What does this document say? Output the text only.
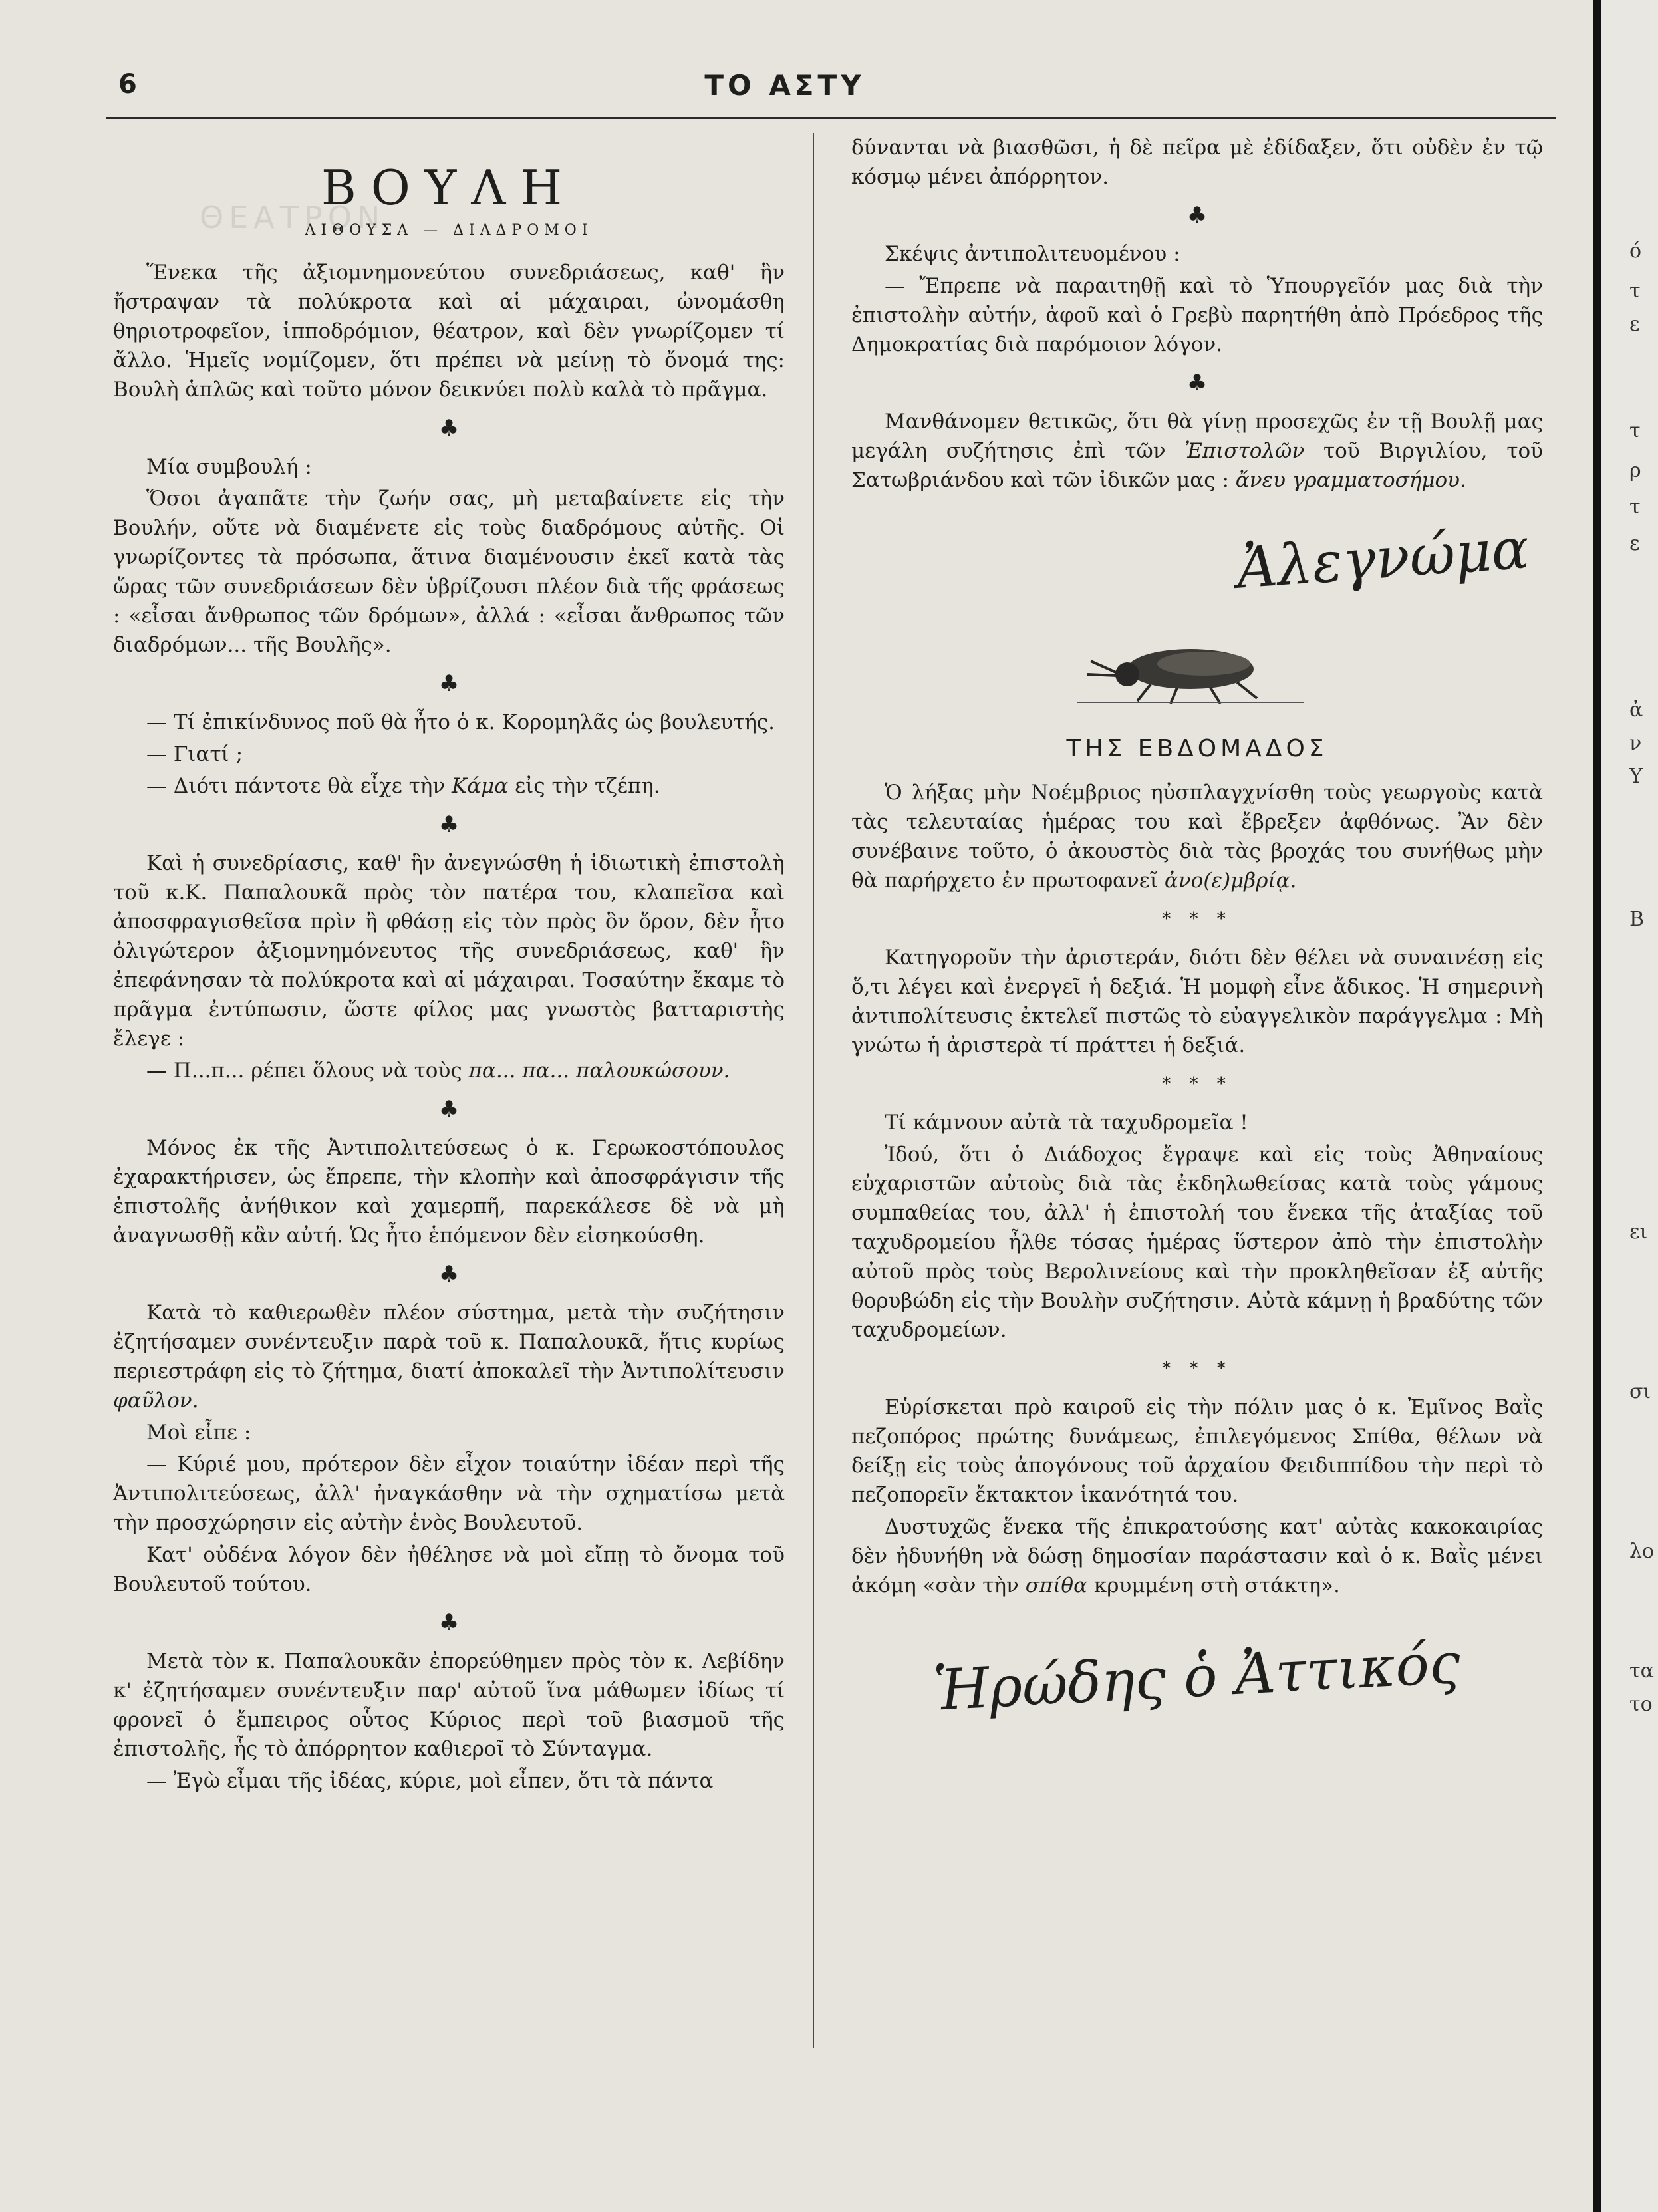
ΘΕΑΤΡΟΝ
6	ΤΟ ΑΣΤΥ
ΒΟΥΛΗ
ΑΙΘΟΥΣΑ — ΔΙΑΔΡΟΜΟΙ

Ἕνεκα τῆς ἀξιομνημονεύτου συνεδριάσεως, καθ' ἣν ἤστραψαν τὰ πολύκροτα καὶ αἱ μάχαιραι, ὠνομάσθη θηριοτροφεῖον, ἱπποδρόμιον, θέατρον, καὶ δὲν γνωρίζομεν τί ἄλλο. Ἡμεῖς νομίζομεν, ὅτι πρέπει νὰ μείνῃ τὸ ὄνομά της: Βουλὴ ἁπλῶς καὶ τοῦτο μόνον δεικνύει πολὺ καλὰ τὸ πρᾶγμα.

♣

Μία συμβουλή :

Ὅσοι ἀγαπᾶτε τὴν ζωήν σας, μὴ μεταβαίνετε εἰς τὴν Βουλήν, οὔτε νὰ διαμένετε εἰς τοὺς διαδρόμους αὐτῆς. Οἱ γνωρίζοντες τὰ πρόσωπα, ἅτινα διαμένουσιν ἐκεῖ κατὰ τὰς ὥρας τῶν συνεδριάσεων δὲν ὑβρίζουσι πλέον διὰ τῆς φράσεως : «εἶσαι ἄνθρωπος τῶν δρόμων», ἀλλά : «εἶσαι ἄνθρωπος τῶν διαδρόμων... τῆς Βουλῆς».

♣

— Τί ἐπικίνδυνος ποῦ θὰ ἦτο ὁ κ. Κορομηλᾶς ὡς βουλευτής.

— Γιατί ;

— Διότι πάντοτε θὰ εἶχε τὴν Κάμα εἰς τὴν τζέπη.

♣

Καὶ ἡ συνεδρίασις, καθ' ἣν ἀνεγνώσθη ἡ ἰδιωτικὴ ἐπιστολὴ τοῦ κ.Κ. Παπαλουκᾶ πρὸς τὸν πατέρα του, κλαπεῖσα καὶ ἀποσφραγισθεῖσα πρὶν ἢ φθάσῃ εἰς τὸν πρὸς ὃν ὅρον, δὲν ἦτο ὀλιγώτερον ἀξιομνημόνευτος τῆς συνεδριάσεως, καθ' ἣν ἐπεφάνησαν τὰ πολύκροτα καὶ αἱ μάχαιραι. Τοσαύτην ἔκαμε τὸ πρᾶγμα ἐντύπωσιν, ὥστε φίλος μας γνωστὸς βατταριστὴς ἔλεγε :

— Π...π... ρέπει ὅλους νὰ τοὺς πα... πα... παλουκώσουν.

♣

Μόνος ἐκ τῆς Ἀντιπολιτεύσεως ὁ κ. Γερωκοστόπουλος ἐχαρακτήρισεν, ὡς ἔπρεπε, τὴν κλοπὴν καὶ ἀποσφράγισιν τῆς ἐπιστολῆς ἀνήθικον καὶ χαμερπῆ, παρεκάλεσε δὲ νὰ μὴ ἀναγνωσθῇ κἂν αὐτή. Ὡς ἦτο ἑπόμενον δὲν εἰσηκούσθη.

♣

Κατὰ τὸ καθιερωθὲν πλέον σύστημα, μετὰ τὴν συζήτησιν ἐζητήσαμεν συνέντευξιν παρὰ τοῦ κ. Παπαλουκᾶ, ἥτις κυρίως περιεστράφη εἰς τὸ ζήτημα, διατί ἀποκαλεῖ τὴν Ἀντιπολίτευσιν φαῦλον.

Μοὶ εἶπε :

— Κύριέ μου, πρότερον δὲν εἶχον τοιαύτην ἰδέαν περὶ τῆς Ἀντιπολιτεύσεως, ἀλλ' ἠναγκάσθην νὰ τὴν σχηματίσω μετὰ τὴν προσχώρησιν εἰς αὐτὴν ἑνὸς Βουλευτοῦ.

Κατ' οὐδένα λόγον δὲν ἠθέλησε νὰ μοὶ εἴπῃ τὸ ὄνομα τοῦ Βουλευτοῦ τούτου.

♣

Μετὰ τὸν κ. Παπαλουκᾶν ἐπορεύθημεν πρὸς τὸν κ. Λεβίδην κ' ἐζητήσαμεν συνέντευξιν παρ' αὐτοῦ ἵνα μάθωμεν ἰδίως τί φρονεῖ ὁ ἔμπειρος οὗτος Κύριος περὶ τοῦ βιασμοῦ τῆς ἐπιστολῆς, ἧς τὸ ἀπόρρητον καθιεροῖ τὸ Σύνταγμα.

— Ἐγὼ εἶμαι τῆς ἰδέας, κύριε, μοὶ εἶπεν, ὅτι τὰ πάντα

δύνανται νὰ βιασθῶσι, ἡ δὲ πεῖρα μὲ ἐδίδαξεν, ὅτι οὐδὲν ἐν τῷ κόσμῳ μένει ἀπόρρητον.

♣

Σκέψις ἀντιπολιτευομένου :

— Ἔπρεπε νὰ παραιτηθῇ καὶ τὸ Ὑπουργεῖόν μας διὰ τὴν ἐπιστολὴν αὐτήν, ἀφοῦ καὶ ὁ Γρεβὺ παρητήθη ἀπὸ Πρόεδρος τῆς Δημοκρατίας διὰ παρόμοιον λόγον.

♣

Μανθάνομεν θετικῶς, ὅτι θὰ γίνῃ προσεχῶς ἐν τῇ Βουλῇ μας μεγάλη συζήτησις ἐπὶ τῶν Ἐπιστολῶν τοῦ Βιργιλίου, τοῦ Σατωβριάνδου καὶ τῶν ἰδικῶν μας : ἄνευ γραμματοσήμου.

Ἀλεγνώμα
ΤΗΣ ΕΒΔΟΜΑΔΟΣ

Ὁ λήξας μὴν Νοέμβριος ηὐσπλαγχνίσθη τοὺς γεωργοὺς κατὰ τὰς τελευταίας ἡμέρας του καὶ ἔβρεξεν ἀφθόνως. Ἂν δὲν συνέβαινε τοῦτο, ὁ ἀκουστὸς διὰ τὰς βροχάς του συνήθως μὴν θὰ παρήρχετο ἐν πρωτοφανεῖ ἀνο(ε)μβρίᾳ.

* * *

Κατηγοροῦν τὴν ἀριστεράν, διότι δὲν θέλει νὰ συναινέσῃ εἰς ὅ,τι λέγει καὶ ἐνεργεῖ ἡ δεξιά. Ἡ μομφὴ εἶνε ἄδικος. Ἡ σημερινὴ ἀντιπολίτευσις ἐκτελεῖ πιστῶς τὸ εὐαγγελικὸν παράγγελμα : Μὴ γνώτω ἡ ἀριστερὰ τί πράττει ἡ δεξιά.

* * *

Τί κάμνουν αὐτὰ τὰ ταχυδρομεῖα !

Ἰδού, ὅτι ὁ Διάδοχος ἔγραψε καὶ εἰς τοὺς Ἀθηναίους εὐχαριστῶν αὐτοὺς διὰ τὰς ἐκδηλωθείσας κατὰ τοὺς γάμους συμπαθείας του, ἀλλ' ἡ ἐπιστολή του ἕνεκα τῆς ἀταξίας τοῦ ταχυδρομείου ἦλθε τόσας ἡμέρας ὕστερον ἀπὸ τὴν ἐπιστολὴν αὐτοῦ πρὸς τοὺς Βερολινείους καὶ τὴν προκληθεῖσαν ἐξ αὐτῆς θορυβώδη εἰς τὴν Βουλὴν συζήτησιν. Αὐτὰ κάμνῃ ἡ βραδύτης τῶν ταχυδρομείων.

* * *

Εὑρίσκεται πρὸ καιροῦ εἰς τὴν πόλιν μας ὁ κ. Ἐμῖνος Βαῒς πεζοπόρος πρώτης δυνάμεως, ἐπιλεγόμενος Σπίθα, θέλων νὰ δείξῃ εἰς τοὺς ἀπογόνους τοῦ ἀρχαίου Φειδιππίδου τὴν περὶ τὸ πεζοπορεῖν ἔκτακτον ἱκανότητά του.

Δυστυχῶς ἕνεκα τῆς ἐπικρατούσης κατ' αὐτὰς κακοκαιρίας δὲν ἠδυνήθη νὰ δώσῃ δημοσίαν παράστασιν καὶ ὁ κ. Βαῒς μένει ἀκόμη «σὰν τὴν σπίθα κρυμμένη στὴ στάκτη».

Ἡρώδης ὁ Ἀττικός
ό
τ
ε
τ
ρ
τ
ε
ἀ
ν
Υ
Β
ει
σι
λο
τα
το
